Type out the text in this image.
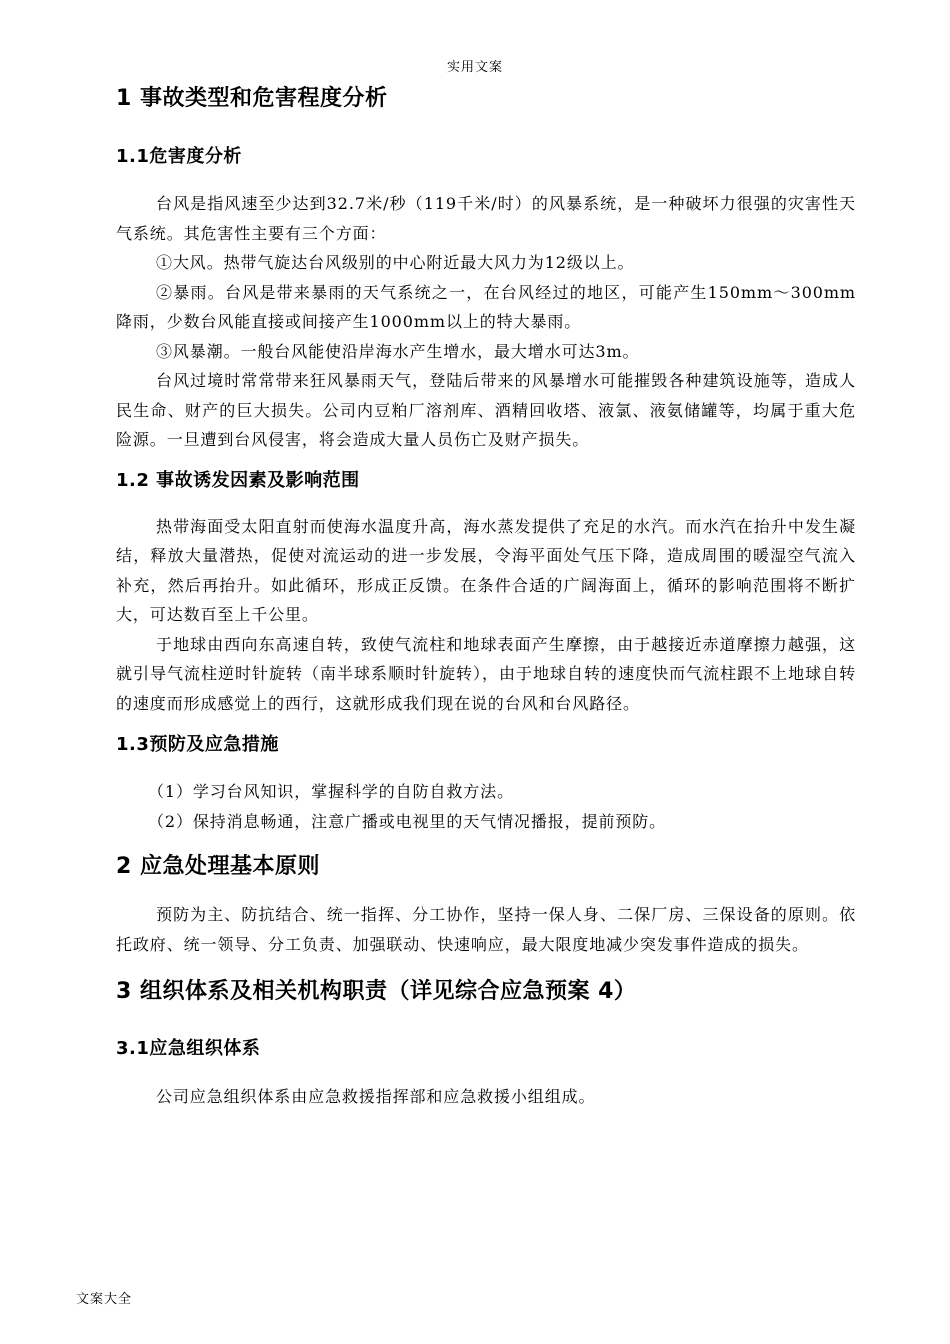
实用文案
1 事故类型和危害程度分析
1.1危害度分析

台风是指风速至少达到32.7米/秒（119千米/时）的风暴系统，是一种破坏力很强的灾害性天气系统。其危害性主要有三个方面：

①大风。热带气旋达台风级别的中心附近最大风力为12级以上。

②暴雨。台风是带来暴雨的天气系统之一，在台风经过的地区，可能产生150mm～300mm降雨，少数台风能直接或间接产生1000mm以上的特大暴雨。

③风暴潮。一般台风能使沿岸海水产生增水，最大增水可达3m。

台风过境时常常带来狂风暴雨天气，登陆后带来的风暴增水可能摧毁各种建筑设施等，造成人民生命、财产的巨大损失。公司内豆粕厂溶剂库、酒精回收塔、液氯、液氨储罐等，均属于重大危险源。一旦遭到台风侵害，将会造成大量人员伤亡及财产损失。

1.2 事故诱发因素及影响范围

热带海面受太阳直射而使海水温度升高，海水蒸发提供了充足的水汽。而水汽在抬升中发生凝结，释放大量潜热，促使对流运动的进一步发展，令海平面处气压下降，造成周围的暖湿空气流入补充，然后再抬升。如此循环，形成正反馈。在条件合适的广阔海面上，循环的影响范围将不断扩大，可达数百至上千公里。

于地球由西向东高速自转，致使气流柱和地球表面产生摩擦，由于越接近赤道摩擦力越强，这就引导气流柱逆时针旋转（南半球系顺时针旋转），由于地球自转的速度快而气流柱跟不上地球自转的速度而形成感觉上的西行，这就形成我们现在说的台风和台风路径。

1.3预防及应急措施

（1）学习台风知识，掌握科学的自防自救方法。

（2）保持消息畅通，注意广播或电视里的天气情况播报，提前预防。

2 应急处理基本原则

预防为主、防抗结合、统一指挥、分工协作，坚持一保人身、二保厂房、三保设备的原则。依托政府、统一领导、分工负责、加强联动、快速响应，最大限度地减少突发事件造成的损失。

3 组织体系及相关机构职责（详见综合应急预案 4）
3.1应急组织体系

公司应急组织体系由应急救援指挥部和应急救援小组组成。

文案大全
